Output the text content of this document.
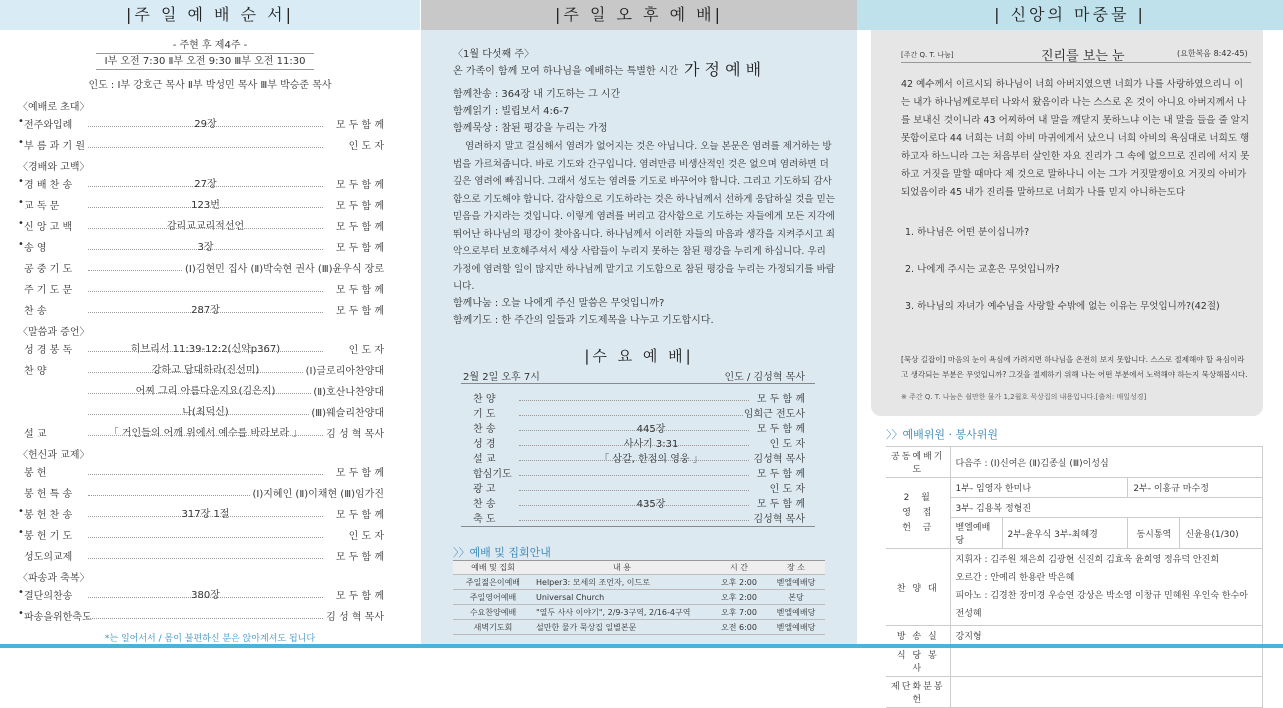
|주 일 예 배 순 서|
- 주현 후 제4주 -
Ⅰ부 오전 7:30 Ⅱ부 오전 9:30 Ⅲ부 오전 11:30
인도 : Ⅰ부 강호근 목사 Ⅱ부 박성민 목사 Ⅲ부 박승준 목사
〈예배로 초대〉
• 전주와입례	29장	모 두 함 께
• 부 름 과 기 원	인 도 자
〈경배와 고백〉
• 경 배 찬 송	27장	모 두 함 께
• 교 독 문	123번	모 두 함 께
• 신 앙 고 백	감리교교리적선언	모 두 함 께
• 송 영	3장	모 두 함 께
공 중 기 도	(Ⅰ)김현민 집사 (Ⅱ)박숙현 권사 (Ⅲ)윤우식 장로
주 기 도 문	모 두 함 께
찬 송	287장	모 두 함 께
〈말씀과 증언〉
성 경 봉 독	히브리서 11:39-12:2(신약p367)	인 도 자
찬 양	강하고 담대하라(진선미)	(Ⅰ)글로리아찬양대
어찌 그리 아름다운지요(김은지)	(Ⅱ)호산나찬양대
나(최덕신)	(Ⅲ)웨슬리찬양대
설 교	「 거인들의 어깨 위에서 예수를 바라보라 」	김 성 혁 목사
〈헌신과 교제〉
봉 헌	모 두 함 께
봉 헌 특 송	(Ⅰ)지혜인 (Ⅱ)이채현 (Ⅲ)임가진
• 봉 헌 찬 송	317장 1절	모 두 함 께
• 봉 헌 기 도	인 도 자
성도의교제	모 두 함 께
〈파송과 축복〉
• 결단의찬송	380장	모 두 함 께
• 파송을위한축도	김 성 혁 목사
*는 일어서서 / 몸이 불편하신 분은 앉아계셔도 됩니다
|주 일 오 후 예 배|
〈1월 다섯째 주〉
온 가족이 함께 모여 하나님을 예배하는 특별한 시간 가 정 예 배
함께찬송 : 364장 내 기도하는 그 시간
함께읽기 : 빌립보서 4:6-7
함께묵상 : 참된 평강을 누리는 가정
염려하지 말고 걸심해서 염려가 없어지는 것은 아닙니다. 오늘 본문은 염려를 제거하는 방
법을 가르쳐줍니다. 바로 기도와 간구입니다. 염려만큼 비생산적인 것은 없으며 염려하면 더
깊은 염려에 빠집니다. 그래서 성도는 염려를 기도로 바꾸어야 합니다. 그리고 기도하되 감사
함으로 기도해야 합니다. 감사함으로 기도하라는 것은 하나님께서 선하게 응답하실 것을 믿는
믿음을 가지라는 것입니다. 이렇게 염려를 버리고 감사함으로 기도하는 자들에게 모든 지각에
뛰어난 하나님의 평강이 찾아옵니다. 하나님께서 이러한 자들의 마음과 생각을 지켜주시고 죄
악으로부터 보호해주셔서 세상 사람들이 누리지 못하는 참된 평강을 누리게 하십니다. 우리
가정에 염려할 일이 많지만 하나님께 맡기고 기도함으로 참된 평강을 누리는 가정되기를 바랍
니다.
함께나눔 : 오늘 나에게 주신 말씀은 무엇입니까?
함께기도 : 한 주간의 일들과 기도제목을 나누고 기도합시다.
|수 요 예 배|
2월 2일 오후 7시	인도 / 김성혁 목사
찬 양	모 두 함 께
기 도	임희근 전도사
찬 송	445장	모 두 함 께
성 경	사사기 3:31	인 도 자
설 교	「 삼갈, 한점의 영웅 」	김성혁 목사
합심기도	모 두 함 께
광 고	인 도 자
찬 송	435장	모 두 함 께
축 도	김성혁 목사
〉〉예배 및 집회안내
예배 및 집회	내 용	시 간	장 소
주일젊은이예배	Helper3: 모세의 조언자, 이드로	오후 2:00	벧엘예배당
주일영어예배	Universal Church	오후 2:00	본당
수요찬양예배	"열두 사사 이야기", 2/9-3구역, 2/16-4구역	오후 7:00	벧엘예배당
새벽기도회	설만한 물가 묵상집 일별본문	오전 6:00	벧엘예배당
| 신앙의 마중물 |
[주간 Q. T. 나눔]	진리를 보는 눈	(요한복음 8:42-45)
42 예수께서 이르시되 하나님이 너희 아버지였으면 너희가 나를 사랑하였으리니 이
는 내가 하나님께로부터 나와서 왔음이라 나는 스스로 온 것이 아니요 아버지께서 나
를 보내신 것이니라 43 어찌하여 내 말을 깨닫지 못하느냐 이는 내 말을 들을 줄 알지
못함이로다 44 너희는 너희 아비 마귀에게서 났으니 너희 아비의 욕심대로 너희도 행
하고자 하느니라 그는 처음부터 살인한 자요 진리가 그 속에 없으므로 진리에 서지 못
하고 거짓을 말할 때마다 제 것으로 말하나니 이는 그가 거짓말쟁이요 거짓의 아비가
되었음이라 45 내가 진리를 말하므로 너희가 나를 믿지 아니하는도다
1. 하나님은 어떤 분이십니까?
2. 나에게 주시는 교훈은 무엇입니까?
3. 하나님의 자녀가 예수님을 사랑할 수밖에 없는 이유는 무엇입니까?(42절)
[묵상 길잡이] 마음의 눈이 욕심에 가려지면 하나님을 온전히 보지 못합니다. 스스로 절제해야 할 욕심이라
고 생각되는 부분은 무엇입니까? 그것을 절제하기 위해 나는 어떤 부분에서 노력해야 하는지 묵상해봅시다.
※ 주간 Q. T. 나눔은 쉴만한 물가 1,2월호 묵상집의 내용입니다.[출처: 매일성경]
〉〉예배위원 · 봉사위원
공동예배기도	다음주 : (Ⅰ)신여은 (Ⅱ)김종실 (Ⅲ)이성심			

2  월
영  접
헌  금	1부- 임영자 한미나		2부- 이홍규 마수정	
	3부- 김용복 정형진			
	벧엘예배당	2부-윤우식 3부-최혜경	동시통역	신윤용(1/30)
찬 양 대	지휘자 : 김주원 채은희 김광현 신진희 김효욱 윤희영 정유덕 안진희
오르간 : 안예리 한용란 박은혜
피아노 : 김경찬 장미경 우승연 강상은 박소영 이창규 민혜원 우인숙 한수아 전성혜			

방 송 실	강지형			
식 당 봉 사				
제단화분봉헌				
